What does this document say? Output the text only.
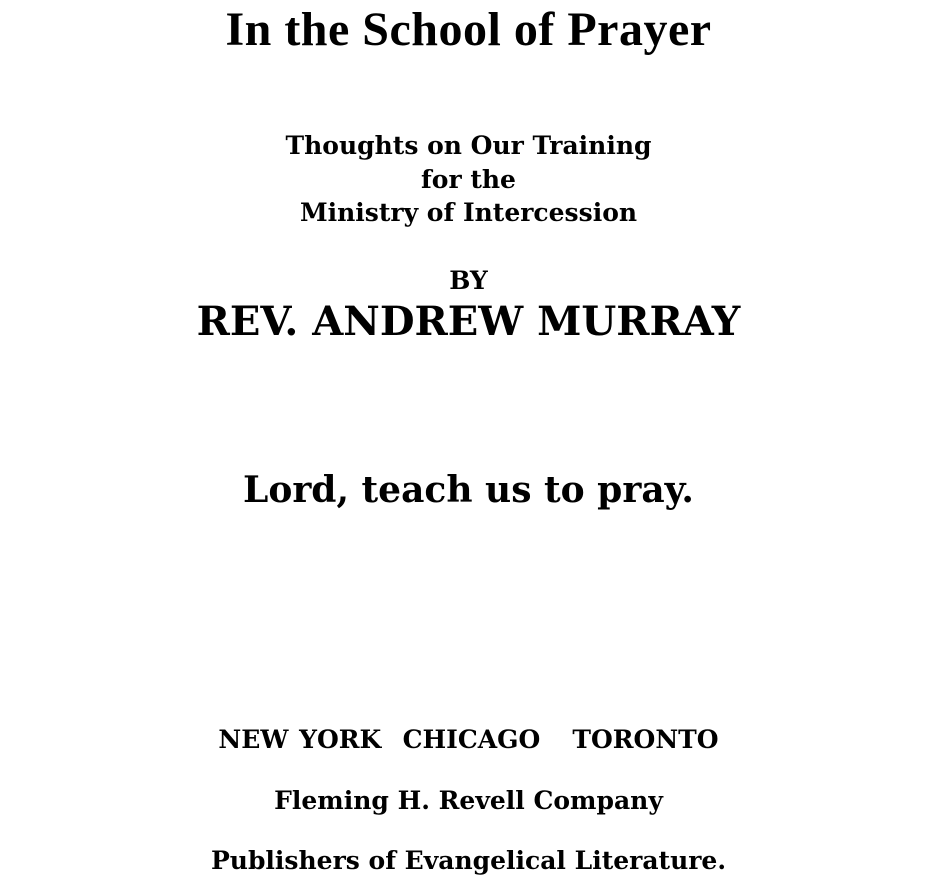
In the School of Prayer
Thoughts on Our Training
for the
Ministry of Intercession
BY
REV. ANDREW MURRAY
Lord, teach us to pray.
NEW YORK  CHICAGO   TORONTO
Fleming H. Revell Company
Publishers of Evangelical Literature.
